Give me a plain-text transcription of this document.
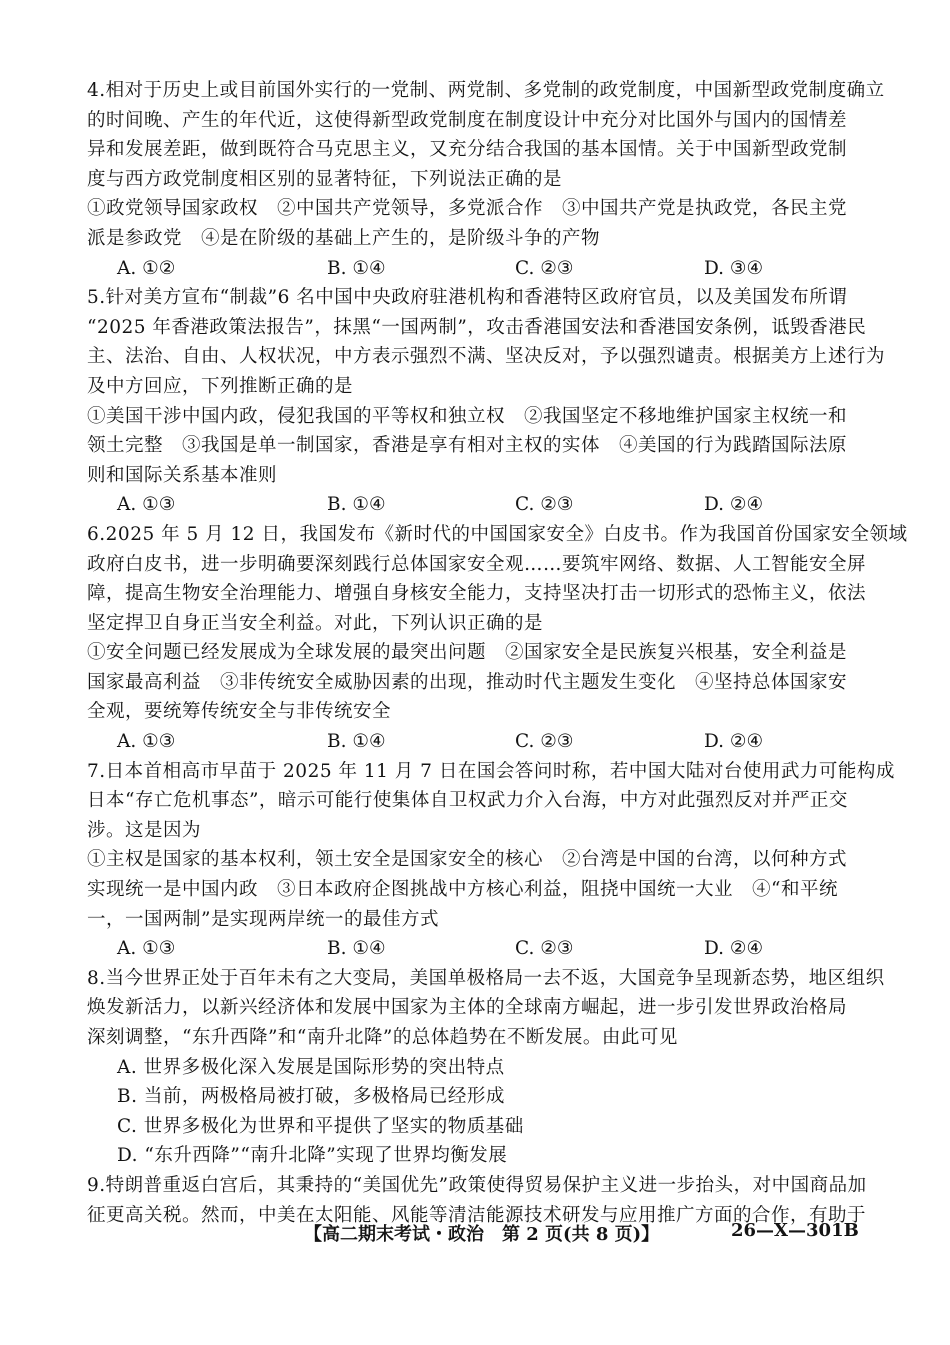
4.相对于历史上或目前国外实行的一党制、两党制、多党制的政党制度，中国新型政党制度确立
的时间晚、产生的年代近，这使得新型政党制度在制度设计中充分对比国外与国内的国情差
异和发展差距，做到既符合马克思主义，又充分结合我国的基本国情。关于中国新型政党制
度与西方政党制度相区别的显著特征，下列说法正确的是
①政党领导国家政权　②中国共产党领导，多党派合作　③中国共产党是执政党，各民主党
派是参政党　④是在阶级的基础上产生的，是阶级斗争的产物
A. ①②	B. ①④	C. ②③	D. ③④
5.针对美方宣布“制裁”6 名中国中央政府驻港机构和香港特区政府官员，以及美国发布所谓
“2025 年香港政策法报告”，抹黑“一国两制”，攻击香港国安法和香港国安条例，诋毁香港民
主、法治、自由、人权状况，中方表示强烈不满、坚决反对，予以强烈谴责。根据美方上述行为
及中方回应，下列推断正确的是
①美国干涉中国内政，侵犯我国的平等权和独立权　②我国坚定不移地维护国家主权统一和
领土完整　③我国是单一制国家，香港是享有相对主权的实体　④美国的行为践踏国际法原
则和国际关系基本准则
A. ①③	B. ①④	C. ②③	D. ②④
6.2025 年 5 月 12 日，我国发布《新时代的中国国家安全》白皮书。作为我国首份国家安全领域
政府白皮书，进一步明确要深刻践行总体国家安全观……要筑牢网络、数据、人工智能安全屏
障，提高生物安全治理能力、增强自身核安全能力，支持坚决打击一切形式的恐怖主义，依法
坚定捍卫自身正当安全利益。对此，下列认识正确的是
①安全问题已经发展成为全球发展的最突出问题　②国家安全是民族复兴根基，安全利益是
国家最高利益　③非传统安全威胁因素的出现，推动时代主题发生变化　④坚持总体国家安
全观，要统筹传统安全与非传统安全
A. ①③	B. ①④	C. ②③	D. ②④
7.日本首相高市早苗于 2025 年 11 月 7 日在国会答问时称，若中国大陆对台使用武力可能构成
日本“存亡危机事态”，暗示可能行使集体自卫权武力介入台海，中方对此强烈反对并严正交
涉。这是因为
①主权是国家的基本权利，领土安全是国家安全的核心　②台湾是中国的台湾，以何种方式
实现统一是中国内政　③日本政府企图挑战中方核心利益，阻挠中国统一大业　④“和平统
一，一国两制”是实现两岸统一的最佳方式
A. ①③	B. ①④	C. ②③	D. ②④
8.当今世界正处于百年未有之大变局，美国单极格局一去不返，大国竞争呈现新态势，地区组织
焕发新活力，以新兴经济体和发展中国家为主体的全球南方崛起，进一步引发世界政治格局
深刻调整，“东升西降”和“南升北降”的总体趋势在不断发展。由此可见
A. 世界多极化深入发展是国际形势的突出特点
B. 当前，两极格局被打破，多极格局已经形成
C. 世界多极化为世界和平提供了坚实的物质基础
D. “东升西降”“南升北降”实现了世界均衡发展
9.特朗普重返白宫后，其秉持的“美国优先”政策使得贸易保护主义进一步抬头，对中国商品加
征更高关税。然而，中美在太阳能、风能等清洁能源技术研发与应用推广方面的合作，有助于
【高二期末考试・政治　第 2 页(共 8 页)】	26—X—301B
